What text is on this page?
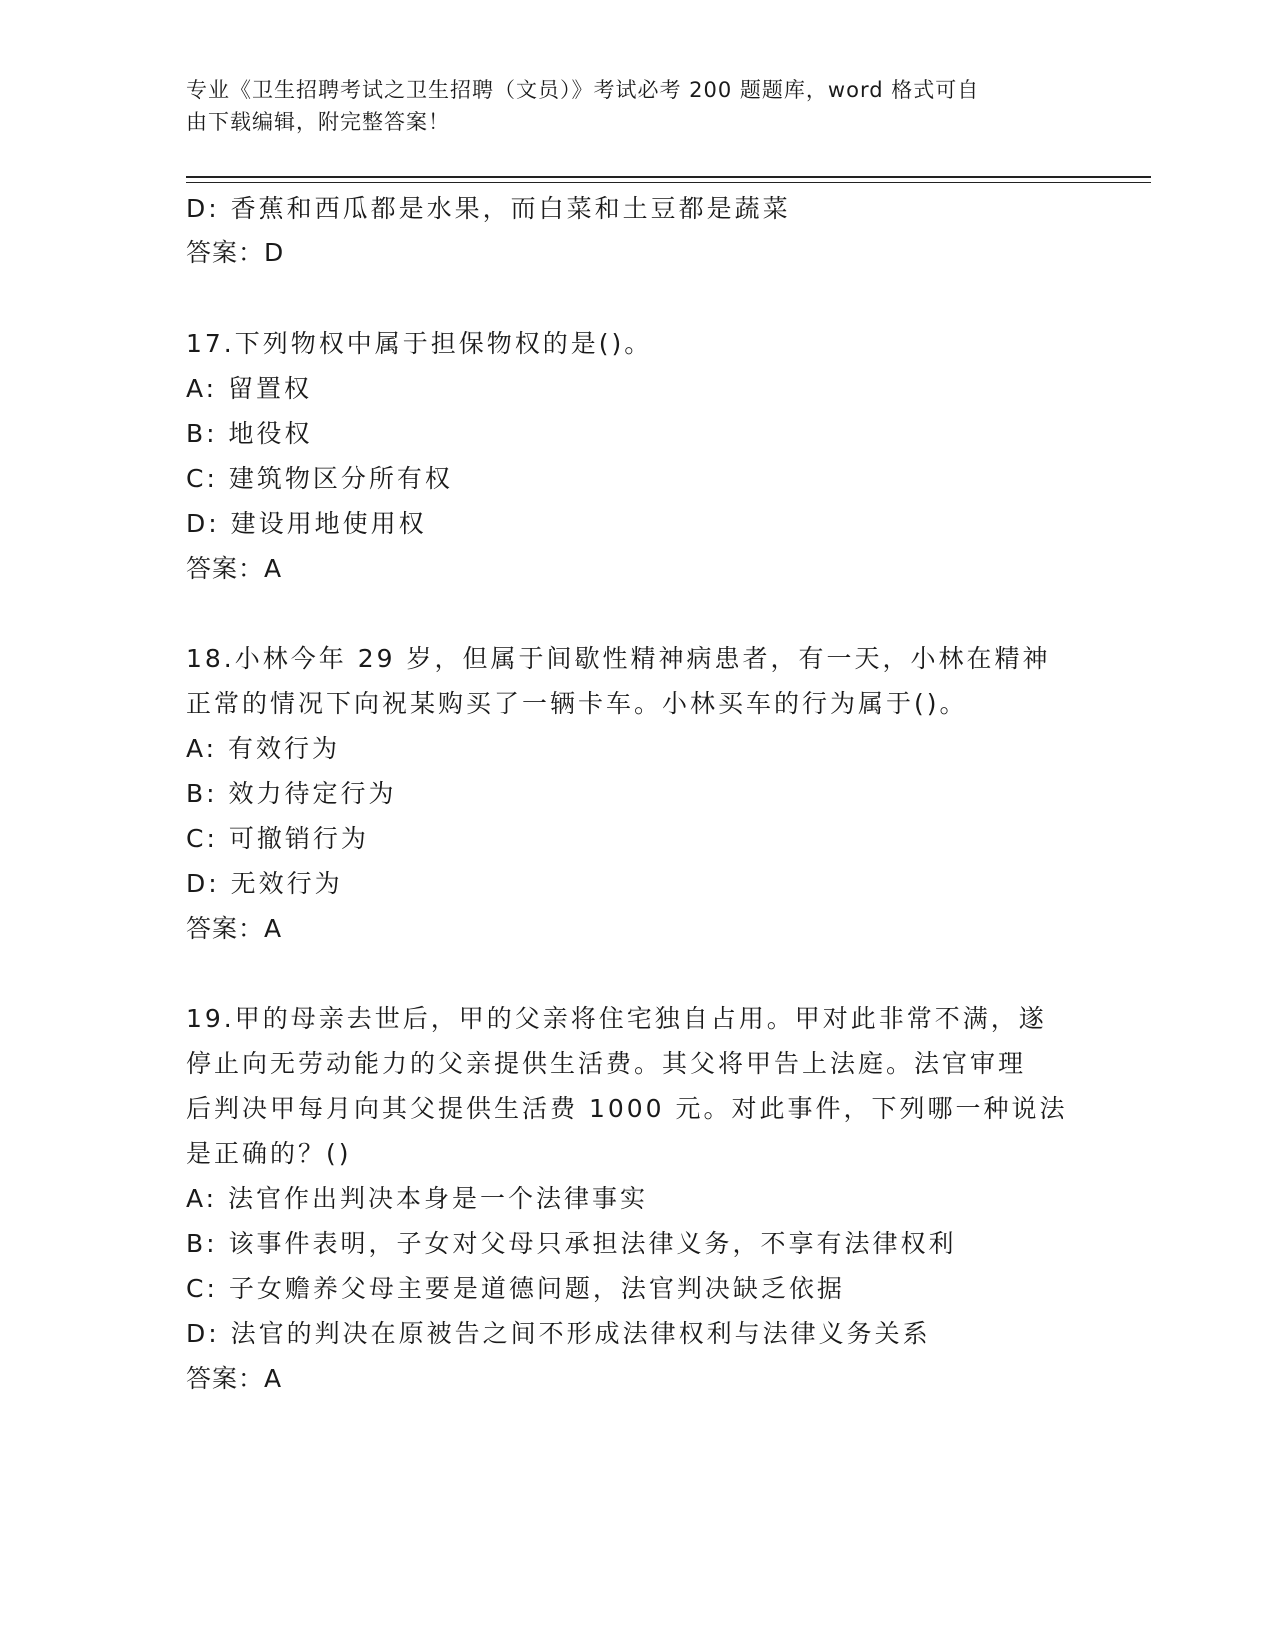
专业《卫生招聘考试之卫生招聘（文员）》考试必考 200 题题库，word 格式可自
由下载编辑，附完整答案！
D: 香蕉和西瓜都是水果，而白菜和土豆都是蔬菜
答案：D
17.下列物权中属于担保物权的是()。
A: 留置权
B: 地役权
C: 建筑物区分所有权
D: 建设用地使用权
答案：A
18.小林今年 29 岁，但属于间歇性精神病患者，有一天，小林在精神
正常的情况下向祝某购买了一辆卡车。小林买车的行为属于()。
A: 有效行为
B: 效力待定行为
C: 可撤销行为
D: 无效行为
答案：A
19.甲的母亲去世后，甲的父亲将住宅独自占用。甲对此非常不满，遂
停止向无劳动能力的父亲提供生活费。其父将甲告上法庭。法官审理
后判决甲每月向其父提供生活费 1000 元。对此事件，下列哪一种说法
是正确的？()
A: 法官作出判决本身是一个法律事实
B: 该事件表明，子女对父母只承担法律义务，不享有法律权利
C: 子女赡养父母主要是道德问题，法官判决缺乏依据
D: 法官的判决在原被告之间不形成法律权利与法律义务关系
答案：A
